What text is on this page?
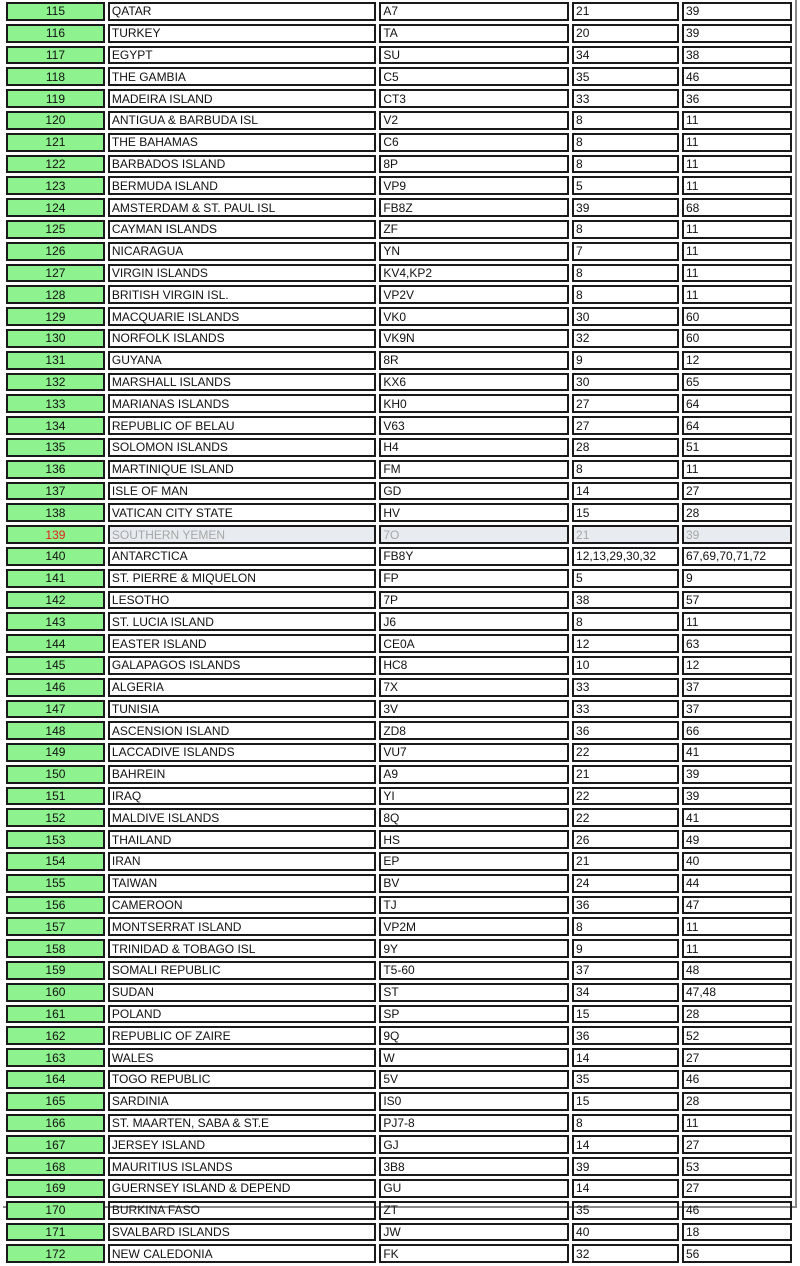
115	QATAR	A7	21	39
116	TURKEY	TA	20	39
117	EGYPT	SU	34	38
118	THE GAMBIA	C5	35	46
119	MADEIRA ISLAND	CT3	33	36
120	ANTIGUA & BARBUDA ISL	V2	8	11
121	THE BAHAMAS	C6	8	11
122	BARBADOS ISLAND	8P	8	11
123	BERMUDA ISLAND	VP9	5	11
124	AMSTERDAM & ST. PAUL ISL	FB8Z	39	68
125	CAYMAN ISLANDS	ZF	8	11
126	NICARAGUA	YN	7	11
127	VIRGIN ISLANDS	KV4,KP2	8	11
128	BRITISH VIRGIN ISL.	VP2V	8	11
129	MACQUARIE ISLANDS	VK0	30	60
130	NORFOLK ISLANDS	VK9N	32	60
131	GUYANA	8R	9	12
132	MARSHALL ISLANDS	KX6	30	65
133	MARIANAS ISLANDS	KH0	27	64
134	REPUBLIC OF BELAU	V63	27	64
135	SOLOMON ISLANDS	H4	28	51
136	MARTINIQUE ISLAND	FM	8	11
137	ISLE OF MAN	GD	14	27
138	VATICAN CITY STATE	HV	15	28
139	SOUTHERN YEMEN	7O	21	39
140	ANTARCTICA	FB8Y	12,13,29,30,32	67,69,70,71,72
141	ST. PIERRE & MIQUELON	FP	5	9
142	LESOTHO	7P	38	57
143	ST. LUCIA ISLAND	J6	8	11
144	EASTER ISLAND	CE0A	12	63
145	GALAPAGOS ISLANDS	HC8	10	12
146	ALGERIA	7X	33	37
147	TUNISIA	3V	33	37
148	ASCENSION ISLAND	ZD8	36	66
149	LACCADIVE ISLANDS	VU7	22	41
150	BAHREIN	A9	21	39
151	IRAQ	YI	22	39
152	MALDIVE ISLANDS	8Q	22	41
153	THAILAND	HS	26	49
154	IRAN	EP	21	40
155	TAIWAN	BV	24	44
156	CAMEROON	TJ	36	47
157	MONTSERRAT ISLAND	VP2M	8	11
158	TRINIDAD & TOBAGO ISL	9Y	9	11
159	SOMALI REPUBLIC	T5-60	37	48
160	SUDAN	ST	34	47,48
161	POLAND	SP	15	28
162	REPUBLIC OF ZAIRE	9Q	36	52
163	WALES	W	14	27
164	TOGO REPUBLIC	5V	35	46
165	SARDINIA	IS0	15	28
166	ST. MAARTEN, SABA & ST.E	PJ7-8	8	11
167	JERSEY ISLAND	GJ	14	27
168	MAURITIUS ISLANDS	3B8	39	53
169	GUERNSEY ISLAND & DEPEND	GU	14	27
170	BURKINA FASO	ZT	35	46
171	SVALBARD ISLANDS	JW	40	18
172	NEW CALEDONIA	FK	32	56
